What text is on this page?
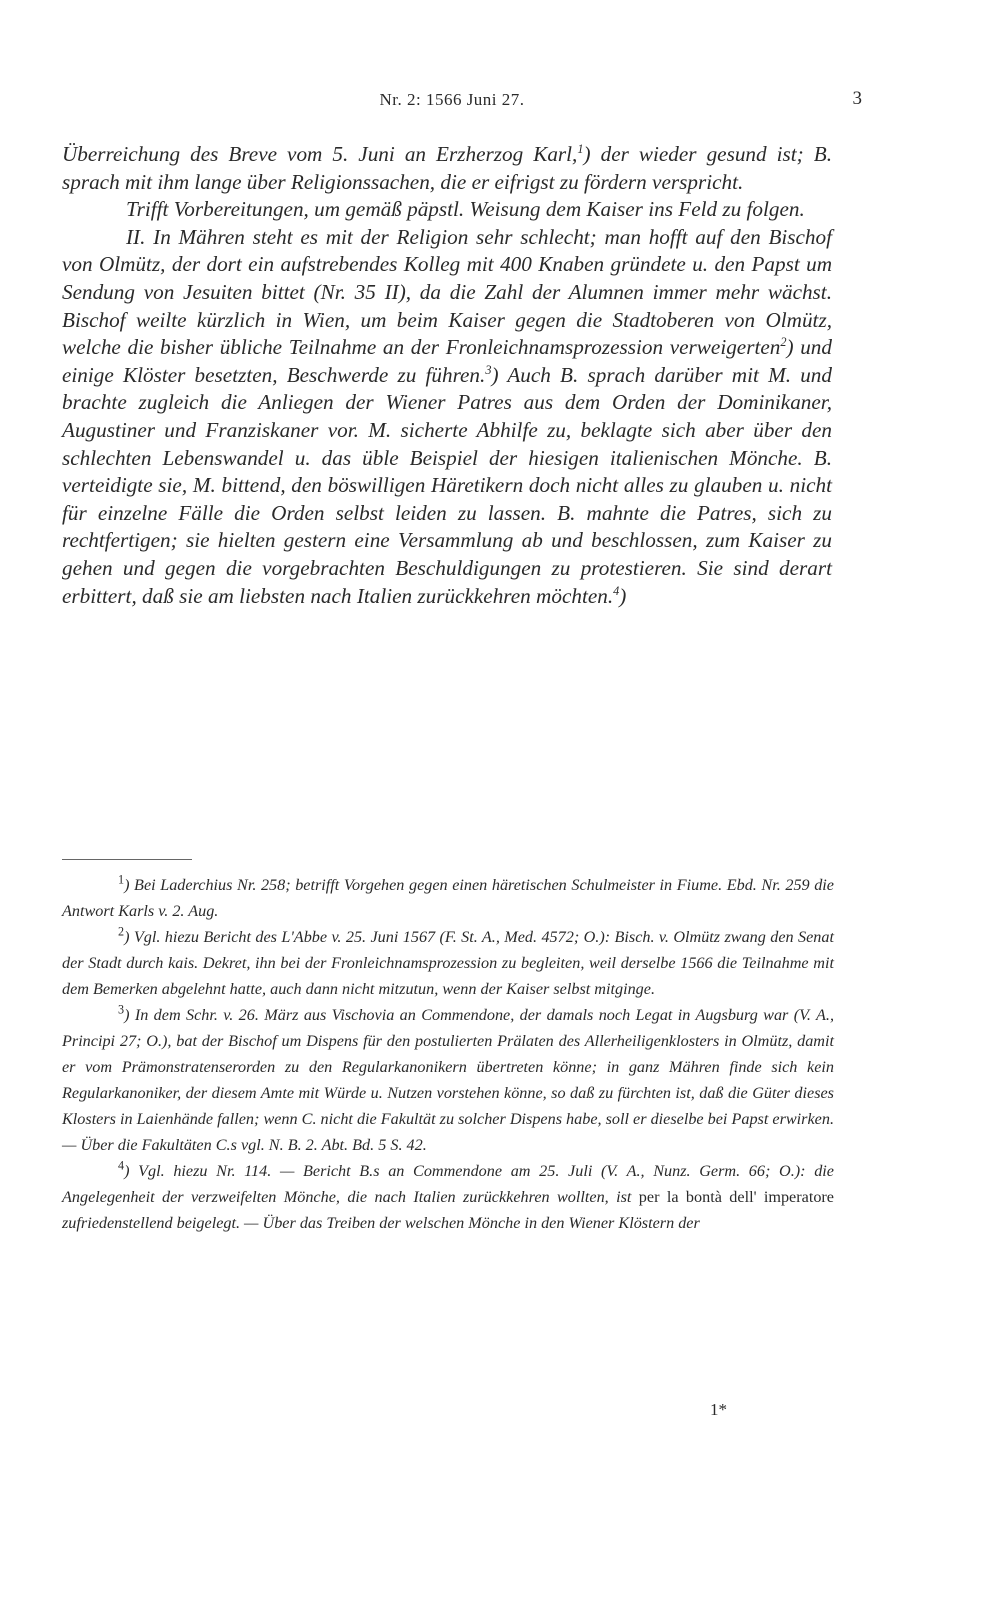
Nr. 2: 1566 Juni 27.	3

Überreichung des Breve vom 5. Juni an Erzherzog Karl,$^1$) der wieder gesund ist; B. sprach mit ihm lange über Religionssachen, die er eifrigst zu fördern verspricht.

Trifft Vorbereitungen, um gemäß päpstl. Weisung dem Kaiser ins Feld zu folgen.

II. In Mähren steht es mit der Religion sehr schlecht; man hofft auf den Bischof von Olmütz, der dort ein aufstrebendes Kolleg mit 400 Knaben gründete u. den Papst um Sendung von Jesuiten bittet (Nr. 35 II), da die Zahl der Alumnen immer mehr wächst. Bischof weilte kürzlich in Wien, um beim Kaiser gegen die Stadtoberen von Olmütz, welche die bisher übliche Teilnahme an der Fronleichnamsprozession verweigerten$^2$) und einige Klöster besetzten, Beschwerde zu führen.$^3$) Auch B. sprach darüber mit M. und brachte zugleich die Anliegen der Wiener Patres aus dem Orden der Dominikaner, Augustiner und Franziskaner vor. M. sicherte Abhilfe zu, beklagte sich aber über den schlechten Lebenswandel u. das üble Beispiel der hiesigen italienischen Mönche. B. verteidigte sie, M. bittend, den böswilligen Häretikern doch nicht alles zu glauben u. nicht für einzelne Fälle die Orden selbst leiden zu lassen. B. mahnte die Patres, sich zu rechtfertigen; sie hielten gestern eine Versammlung ab und beschlossen, zum Kaiser zu gehen und gegen die vorgebrachten Beschuldigungen zu protestieren. Sie sind derart erbittert, daß sie am liebsten nach Italien zurückkehren möchten.$^4$)

$^1$) Bei Laderchius Nr. 258; betrifft Vorgehen gegen einen häretischen Schulmeister in Fiume. Ebd. Nr. 259 die Antwort Karls v. 2. Aug.

$^2$) Vgl. hiezu Bericht des L'Abbe v. 25. Juni 1567 (F. St. A., Med. 4572; O.): Bisch. v. Olmütz zwang den Senat der Stadt durch kais. Dekret, ihn bei der Fronleichnamsprozession zu begleiten, weil derselbe 1566 die Teilnahme mit dem Bemerken abgelehnt hatte, auch dann nicht mitzutun, wenn der Kaiser selbst mitginge.

$^3$) In dem Schr. v. 26. März aus Vischovia an Commendone, der damals noch Legat in Augsburg war (V. A., Principi 27; O.), bat der Bischof um Dispens für den postulierten Prälaten des Allerheiligenklosters in Olmütz, damit er vom Prämonstratenserorden zu den Regularkanonikern übertreten könne; in ganz Mähren finde sich kein Regularkanoniker, der diesem Amte mit Würde u. Nutzen vorstehen könne, so daß zu fürchten ist, daß die Güter dieses Klosters in Laienhände fallen; wenn C. nicht die Fakultät zu solcher Dispens habe, soll er dieselbe bei Papst erwirken. — Über die Fakultäten C.s vgl. N. B. 2. Abt. Bd. 5 S. 42.

$^4$) Vgl. hiezu Nr. 114. — Bericht B.s an Commendone am 25. Juli (V. A., Nunz. Germ. 66; O.): die Angelegenheit der verzweifelten Mönche, die nach Italien zurückkehren wollten, ist per la bontà dell' imperatore zufriedenstellend beigelegt. — Über das Treiben der welschen Mönche in den Wiener Klöstern der

1*
